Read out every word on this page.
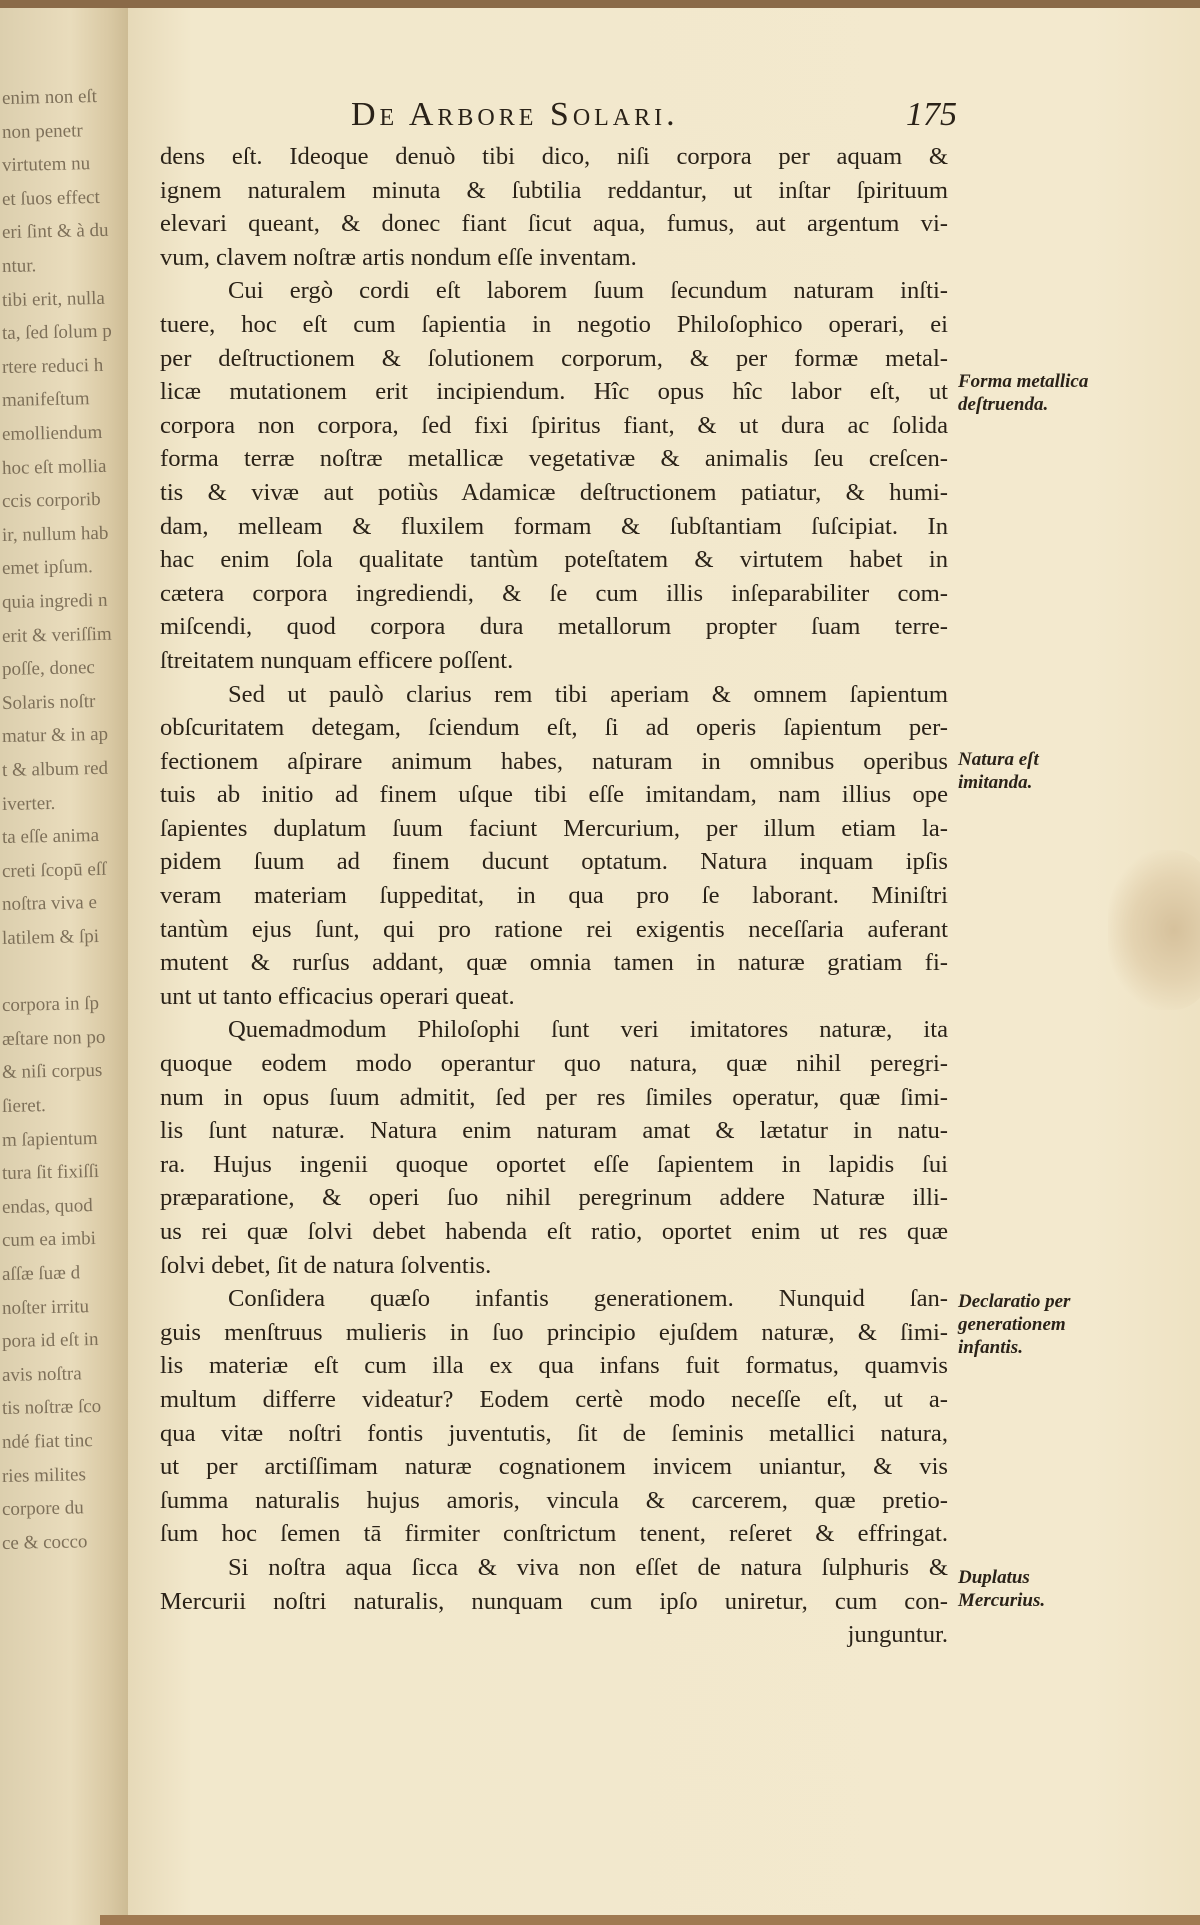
enim non eſt
non penetr
virtutem nu
et ſuos effect
eri ſint & à du
ntur.
tibi erit, nulla
ta, ſed ſolum p
rtere reduci h
manifeſtum
emolliendum
hoc eſt mollia
ccis corporib
ir, nullum hab
emet ipſum.
quia ingredi n
erit & veriſſim
poſſe, donec
Solaris noſtr
matur & in ap
t & album red
iverter.
ta eſſe anima
creti ſcopū eſſ
noſtra viva e
latilem & ſpi
corpora in ſp
æſtare non po
& niſi corpus
ſieret.
m ſapientum
tura ſit fixiſſi
endas, quod
cum ea imbi
aſſæ ſuæ d
noſter irritu
pora id eſt in
avis noſtra
tis noſtræ ſco
ndé fiat tinc
ries milites
corpore du
ce & cocco
De Arbore Solari.	175
dens eſt. Ideoque denuò tibi dico, niſi corpora per aquam &
ignem naturalem minuta & ſubtilia reddantur, ut inſtar ſpirituum
elevari queant, & donec fiant ſicut aqua, fumus, aut argentum vi-
vum, clavem noſtræ artis nondum eſſe inventam.
Cui ergò cordi eſt laborem ſuum ſecundum naturam inſti-
tuere, hoc eſt cum ſapientia in negotio Philoſophico operari, ei
per deſtructionem & ſolutionem corporum, & per formæ metal-
licæ mutationem erit incipiendum. Hîc opus hîc labor eſt, ut
corpora non corpora, ſed fixi ſpiritus fiant, & ut dura ac ſolida
forma terræ noſtræ metallicæ vegetativæ & animalis ſeu creſcen-
tis & vivæ aut potiùs Adamicæ deſtructionem patiatur, & humi-
dam, melleam & fluxilem formam & ſubſtantiam ſuſcipiat. In
hac enim ſola qualitate tantùm poteſtatem & virtutem habet in
cætera corpora ingrediendi, & ſe cum illis inſeparabiliter com-
miſcendi, quod corpora dura metallorum propter ſuam terre-
ſtreitatem nunquam efficere poſſent.
Sed ut paulò clarius rem tibi aperiam & omnem ſapientum
obſcuritatem detegam, ſciendum eſt, ſi ad operis ſapientum per-
fectionem aſpirare animum habes, naturam in omnibus operibus
tuis ab initio ad finem uſque tibi eſſe imitandam, nam illius ope
ſapientes duplatum ſuum faciunt Mercurium, per illum etiam la-
pidem ſuum ad finem ducunt optatum. Natura inquam ipſis
veram materiam ſuppeditat, in qua pro ſe laborant. Miniſtri
tantùm ejus ſunt, qui pro ratione rei exigentis neceſſaria auferant
mutent & rurſus addant, quæ omnia tamen in naturæ gratiam fi-
unt ut tanto efficacius operari queat.
Quemadmodum Philoſophi ſunt veri imitatores naturæ, ita
quoque eodem modo operantur quo natura, quæ nihil peregri-
num in opus ſuum admitit, ſed per res ſimiles operatur, quæ ſimi-
lis ſunt naturæ. Natura enim naturam amat & lætatur in natu-
ra. Hujus ingenii quoque oportet eſſe ſapientem in lapidis ſui
præparatione, & operi ſuo nihil peregrinum addere Naturæ illi-
us rei quæ ſolvi debet habenda eſt ratio, oportet enim ut res quæ
ſolvi debet, ſit de natura ſolventis.
Conſidera quæſo infantis generationem. Nunquid ſan-
guis menſtruus mulieris in ſuo principio ejuſdem naturæ, & ſimi-
lis materiæ eſt cum illa ex qua infans fuit formatus, quamvis
multum differre videatur? Eodem certè modo neceſſe eſt, ut a-
qua vitæ noſtri fontis juventutis, ſit de ſeminis metallici natura,
ut per arctiſſimam naturæ cognationem invicem uniantur, & vis
ſumma naturalis hujus amoris, vincula & carcerem, quæ pretio-
ſum hoc ſemen tā firmiter conſtrictum tenent, reſeret & effringat.
Si noſtra aqua ſicca & viva non eſſet de natura ſulphuris &
Mercurii noſtri naturalis, nunquam cum ipſo uniretur, cum con-
junguntur.
Forma metallica deſtruenda.
Natura eſt imitanda.
Declaratio per generationem infantis.
Duplatus Mercurius.
